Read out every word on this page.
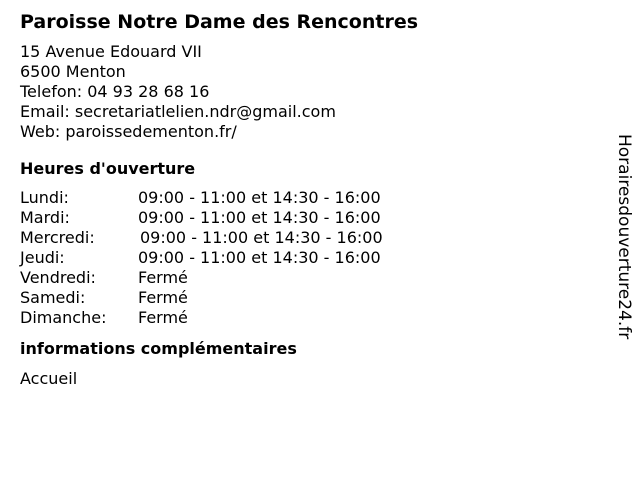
Paroisse Notre Dame des Rencontres
15 Avenue Edouard VII
6500 Menton
Telefon: 04 93 28 68 16
Email: secretariatlelien.ndr@gmail.com
Web: paroissedementon.fr/
Heures d'ouverture
Lundi:	09:00 - 11:00 et 14:30 - 16:00
Mardi:	09:00 - 11:00 et 14:30 - 16:00
Mercredi:	09:00 - 11:00 et 14:30 - 16:00
Jeudi:	09:00 - 11:00 et 14:30 - 16:00
Vendredi:	Fermé
Samedi:	Fermé
Dimanche:	Fermé
informations complémentaires
Accueil
Horairesdouverture24.fr
